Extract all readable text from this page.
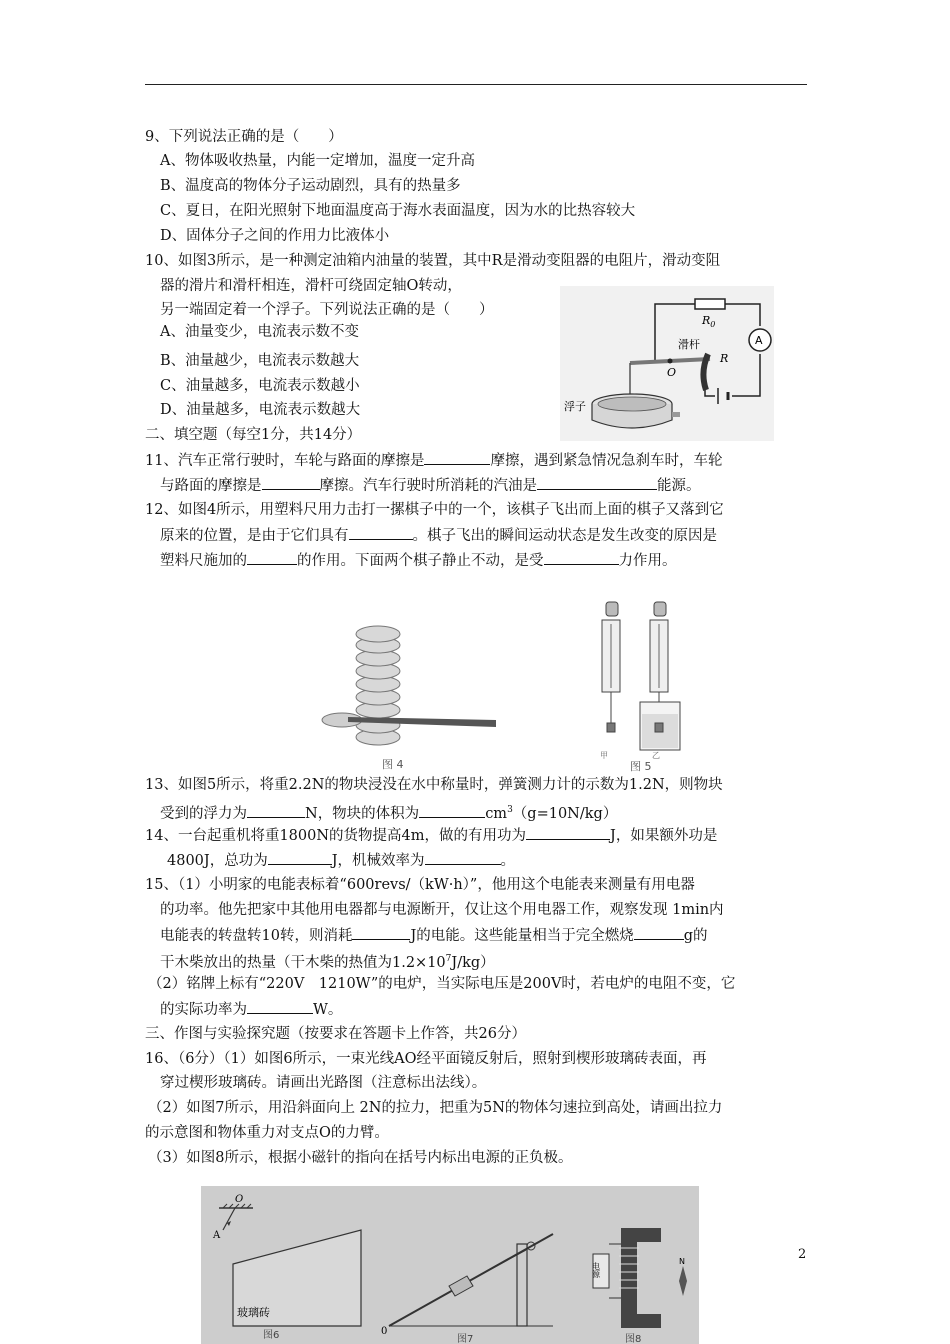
9、下列说法正确的是（　　）
A、物体吸收热量，内能一定增加，温度一定升高
B、温度高的物体分子运动剧烈，具有的热量多
C、夏日，在阳光照射下地面温度高于海水表面温度，因为水的比热容较大
D、固体分子之间的作用力比液体小
10、如图3所示，是一种测定油箱内油量的装置，其中R是滑动变阻器的电阻片，滑动变阻
器的滑片和滑杆相连，滑杆可绕固定轴O转动，
另一端固定着一个浮子。下列说法正确的是（　　）
A、油量变少，电流表示数不变
B、油量越少，电流表示数越大
C、油量越多，电流表示数越小
D、油量越多，电流表示数越大
$R_0$
A
滑杆
O
R
浮子
二、填空题（每空1分，共14分）
11、汽车正常行驶时，车轮与路面的摩擦是	摩擦，遇到紧急情况急刹车时，车轮
与路面的摩擦是	摩擦。汽车行驶时所消耗的汽油是	能源。
12、如图4所示，用塑料尺用力击打一摞棋子中的一个，该棋子飞出而上面的棋子又落到它
原来的位置，是由于它们具有	。棋子飞出的瞬间运动状态是发生改变的原因是
塑料尺施加的	的作用。下面两个棋子静止不动，是受	力作用。
图 4
甲	乙
图 5
13、如图5所示，将重2.2N的物块浸没在水中称量时，弹簧测力计的示数为1.2N，则物块
受到的浮力为	N，物块的体积为	$cm^3(g=10N/kg)$
14、一台起重机将重1800N的货物提高4m，做的有用功为	J，如果额外功是
4800J，总功为	J，机械效率为	。
15、（1）小明家的电能表标着“600revs/（kW·h）”，他用这个电能表来测量有用电器
的功率。他先把家中其他用电器都与电源断开，仅让这个用电器工作，观察发现 1min内
电能表的转盘转10转，则消耗	J的电能。这些能量相当于完全燃烧	g的
干木柴放出的热量（干木柴的热值为$1.2\times 10^7J/kg$）
（2）铭牌上标有“220V　1210W”的电炉，当实际电压是200V时，若电炉的电阻不变，它
的实际功率为	W。
三、作图与实验探究题（按要求在答题卡上作答，共26分）
16、（6分）（1）如图6所示，一束光线AO经平面镜反射后，照射到楔形玻璃砖表面，再
穿过楔形玻璃砖。请画出光路图（注意标出法线）。
（2）如图7所示，用沿斜面向上 2N的拉力，把重为5N的物体匀速拉到高处，请画出拉力
的示意图和物体重力对支点O的力臂。
（3）如图8所示，根据小磁针的指向在括号内标出电源的正负极。
O
A
玻璃砖
图6	0
图7
电源
N
图8
2
